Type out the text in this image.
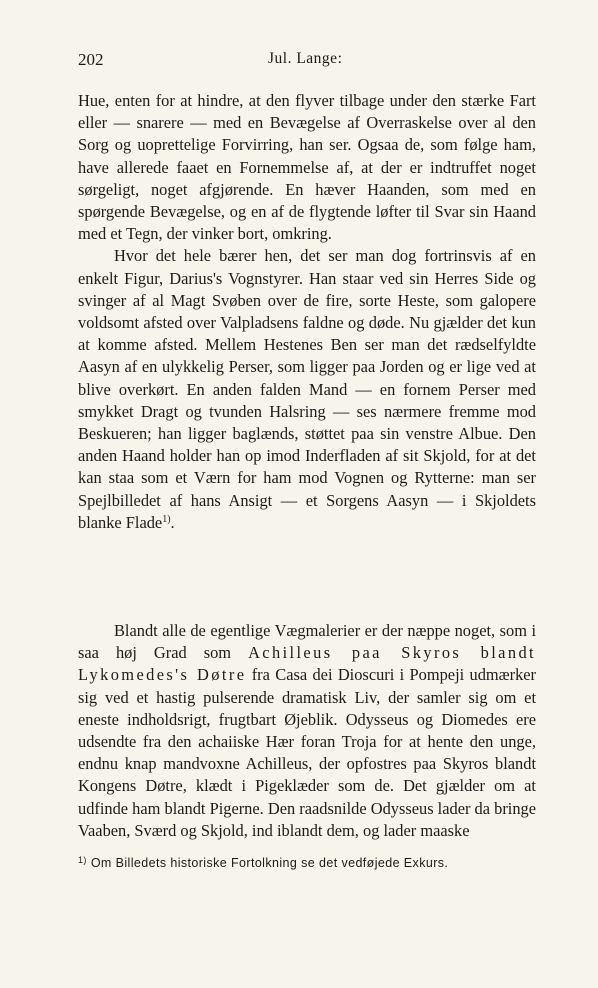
202	Jul. Lange:

Hue, enten for at hindre, at den flyver tilbage under den stærke Fart eller — snarere — med en Bevægelse af Overraskelse over al den Sorg og uoprettelige Forvirring, han ser. Ogsaa de, som følge ham, have allerede faaet en Fornemmelse af, at der er indtruffet noget sørgeligt, noget afgjørende. En hæver Haanden, som med en spørgende Bevægelse, og en af de flygtende løfter til Svar sin Haand med et Tegn, der vinker bort, omkring.

Hvor det hele bærer hen, det ser man dog fortrinsvis af en enkelt Figur, Darius's Vognstyrer. Han staar ved sin Herres Side og svinger af al Magt Svøben over de fire, sorte Heste, som galopere voldsomt afsted over Valpladsens faldne og døde. Nu gjælder det kun at komme afsted. Mellem Hestenes Ben ser man det rædselfyldte Aasyn af en ulykkelig Perser, som ligger paa Jorden og er lige ved at blive overkørt. En anden falden Mand — en fornem Perser med smykket Dragt og tvunden Halsring — ses nærmere fremme mod Beskueren; han ligger baglænds, støttet paa sin venstre Albue. Den anden Haand holder han op imod Inderfladen af sit Skjold, for at det kan staa som et Værn for ham mod Vognen og Rytterne: man ser Spejlbilledet af hans Ansigt — et Sorgens Aasyn — i Skjoldets blanke Flade$^{1)}$.

Blandt alle de egentlige Vægmalerier er der næppe noget, som i saa høj Grad som Achilleus paa Skyros blandt Lykomedes's Døtre fra Casa dei Dioscuri i Pompeji udmærker sig ved et hastig pulserende dramatisk Liv, der samler sig om et eneste indholdsrigt, frugtbart Øjeblik. Odysseus og Diomedes ere udsendte fra den achaiiske Hær foran Troja for at hente den unge, endnu knap mandvoxne Achilleus, der opfostres paa Skyros blandt Kongens Døtre, klædt i Pigeklæder som de. Det gjælder om at udfinde ham blandt Pigerne. Den raadsnilde Odysseus lader da bringe Vaaben, Sværd og Skjold, ind iblandt dem, og lader maaske

$^{1)}$ Om Billedets historiske Fortolkning se det vedføjede Exkurs.
